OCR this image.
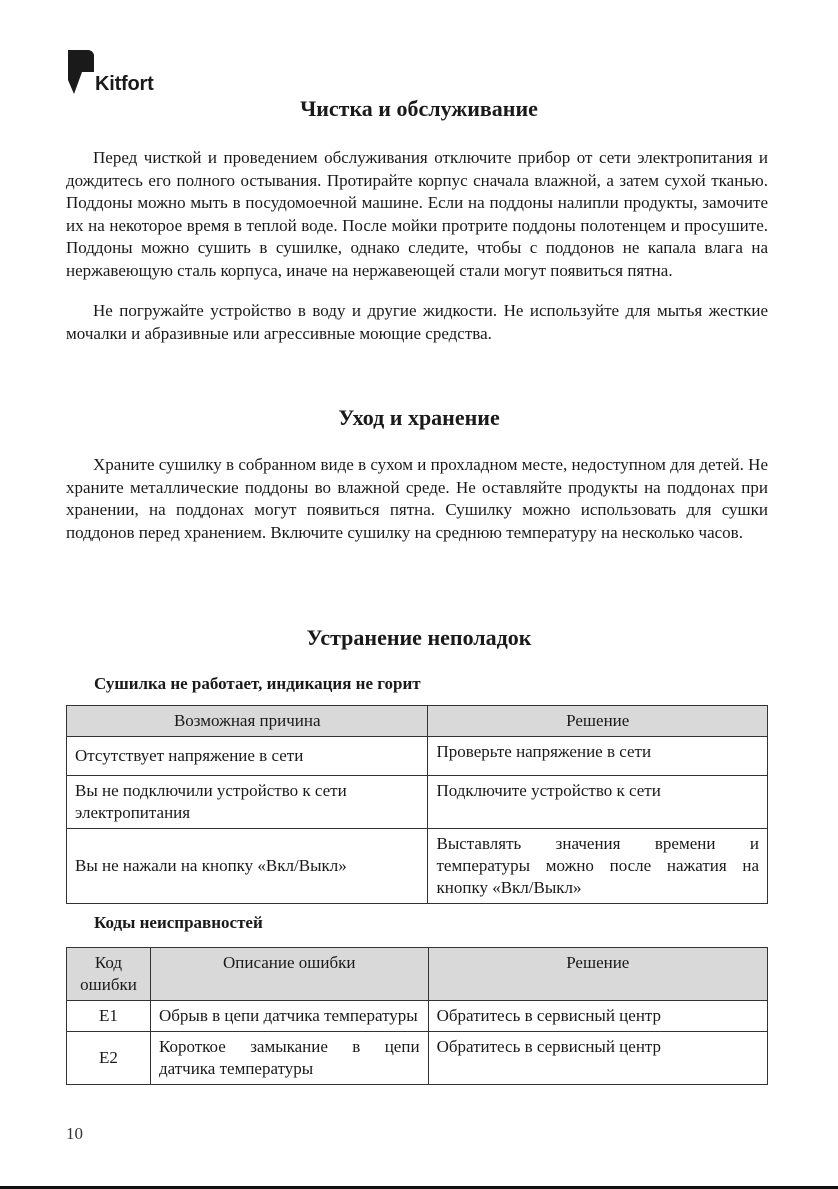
Kitfort
Чистка и обслуживание

Перед чисткой и проведением обслуживания отключите прибор от сети электропитания и дождитесь его полного остывания. Протирайте корпус сначала влажной, а затем сухой тканью. Поддоны можно мыть в посудомоечной машине. Если на поддоны налипли продукты, замочите их на некоторое время в теплой воде. После мойки протрите поддоны полотенцем и просушите. Поддоны можно сушить в сушилке, однако следите, чтобы с поддонов не капала влага на нержавеющую сталь корпуса, иначе на нержавеющей стали могут появиться пятна.

Не погружайте устройство в воду и другие жидкости. Не используйте для мытья жесткие мочалки и абразивные или агрессивные моющие средства.

Уход и хранение

Храните сушилку в собранном виде в сухом и прохладном месте, недоступном для детей. Не храните металлические поддоны во влажной среде. Не оставляйте продукты на поддонах при хранении, на поддонах могут появиться пятна. Сушилку можно использовать для сушки поддонов перед хранением. Включите сушилку на среднюю температуру на несколько часов.

Устранение неполадок

Сушилка не работает, индикация не горит

Возможная причина	Решение
Отсутствует напряжение в сети	Проверьте напряжение в сети
Вы не подключили устройство к сети электропитания	Подключите устройство к сети
Вы не нажали на кнопку «Вкл/Выкл»	Выставлять значения времени и температуры можно после нажатия на кнопку «Вкл/Выкл»

Коды неисправностей

Код ошибки	Описание ошибки	Решение
E1	Обрыв в цепи датчика температуры	Обратитесь в сервисный центр
E2	Короткое замыкание в цепи датчика температуры	Обратитесь в сервисный центр
10
